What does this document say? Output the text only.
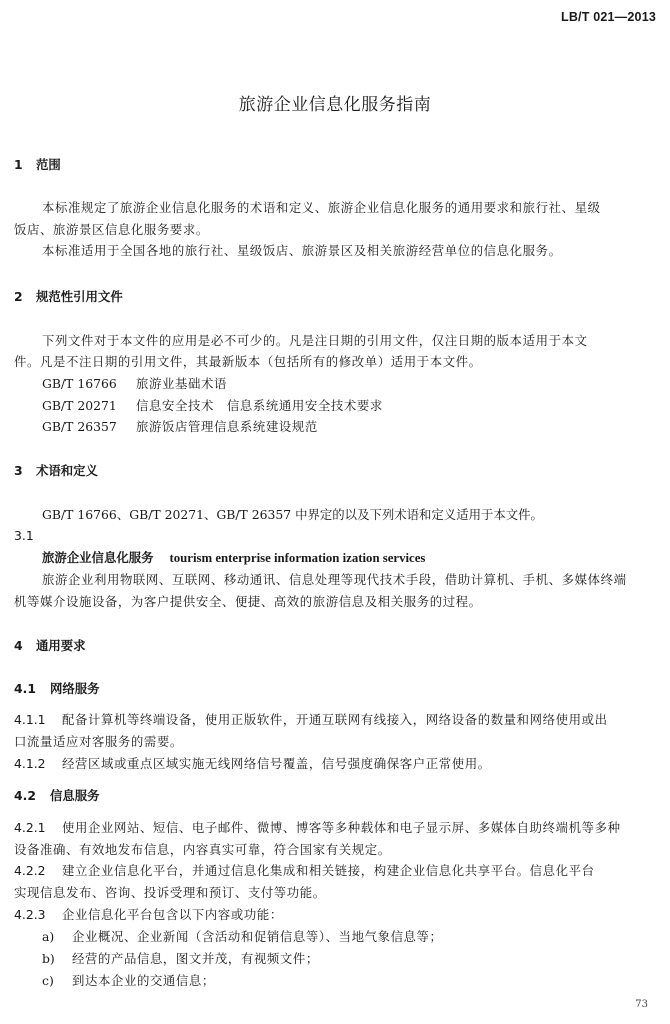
LB/T 021—2013
旅游企业信息化服务指南
1 范围
本标准规定了旅游企业信息化服务的术语和定义、旅游企业信息化服务的通用要求和旅行社、星级
饭店、旅游景区信息化服务要求。
本标准适用于全国各地的旅行社、星级饭店、旅游景区及相关旅游经营单位的信息化服务。
2 规范性引用文件
下列文件对于本文件的应用是必不可少的。凡是注日期的引用文件，仅注日期的版本适用于本文
件。凡是不注日期的引用文件，其最新版本（包括所有的修改单）适用于本文件。
GB/T 16766 旅游业基础术语
GB/T 20271 信息安全技术　信息系统通用安全技术要求
GB/T 26357 旅游饭店管理信息系统建设规范
3 术语和定义
GB/T 16766、GB/T 20271、GB/T 26357 中界定的以及下列术语和定义适用于本文件。
3.1
旅游企业信息化服务 tourism enterprise information ization services
旅游企业利用物联网、互联网、移动通讯、信息处理等现代技术手段，借助计算机、手机、多媒体终端
机等媒介设施设备，为客户提供安全、便捷、高效的旅游信息及相关服务的过程。
4 通用要求
4.1 网络服务
4.1.1 配备计算机等终端设备，使用正版软件，开通互联网有线接入，网络设备的数量和网络使用或出
口流量适应对客服务的需要。
4.1.2 经营区域或重点区域实施无线网络信号覆盖，信号强度确保客户正常使用。
4.2 信息服务
4.2.1 使用企业网站、短信、电子邮件、微博、博客等多种载体和电子显示屏、多媒体自助终端机等多种
设备准确、有效地发布信息，内容真实可靠，符合国家有关规定。
4.2.2 建立企业信息化平台，并通过信息化集成和相关链接，构建企业信息化共享平台。信息化平台
实现信息发布、咨询、投诉受理和预订、支付等功能。
4.2.3 企业信息化平台包含以下内容或功能：
a) 企业概况、企业新闻（含活动和促销信息等）、当地气象信息等；
b) 经营的产品信息，图文并茂，有视频文件；
c) 到达本企业的交通信息；
73
